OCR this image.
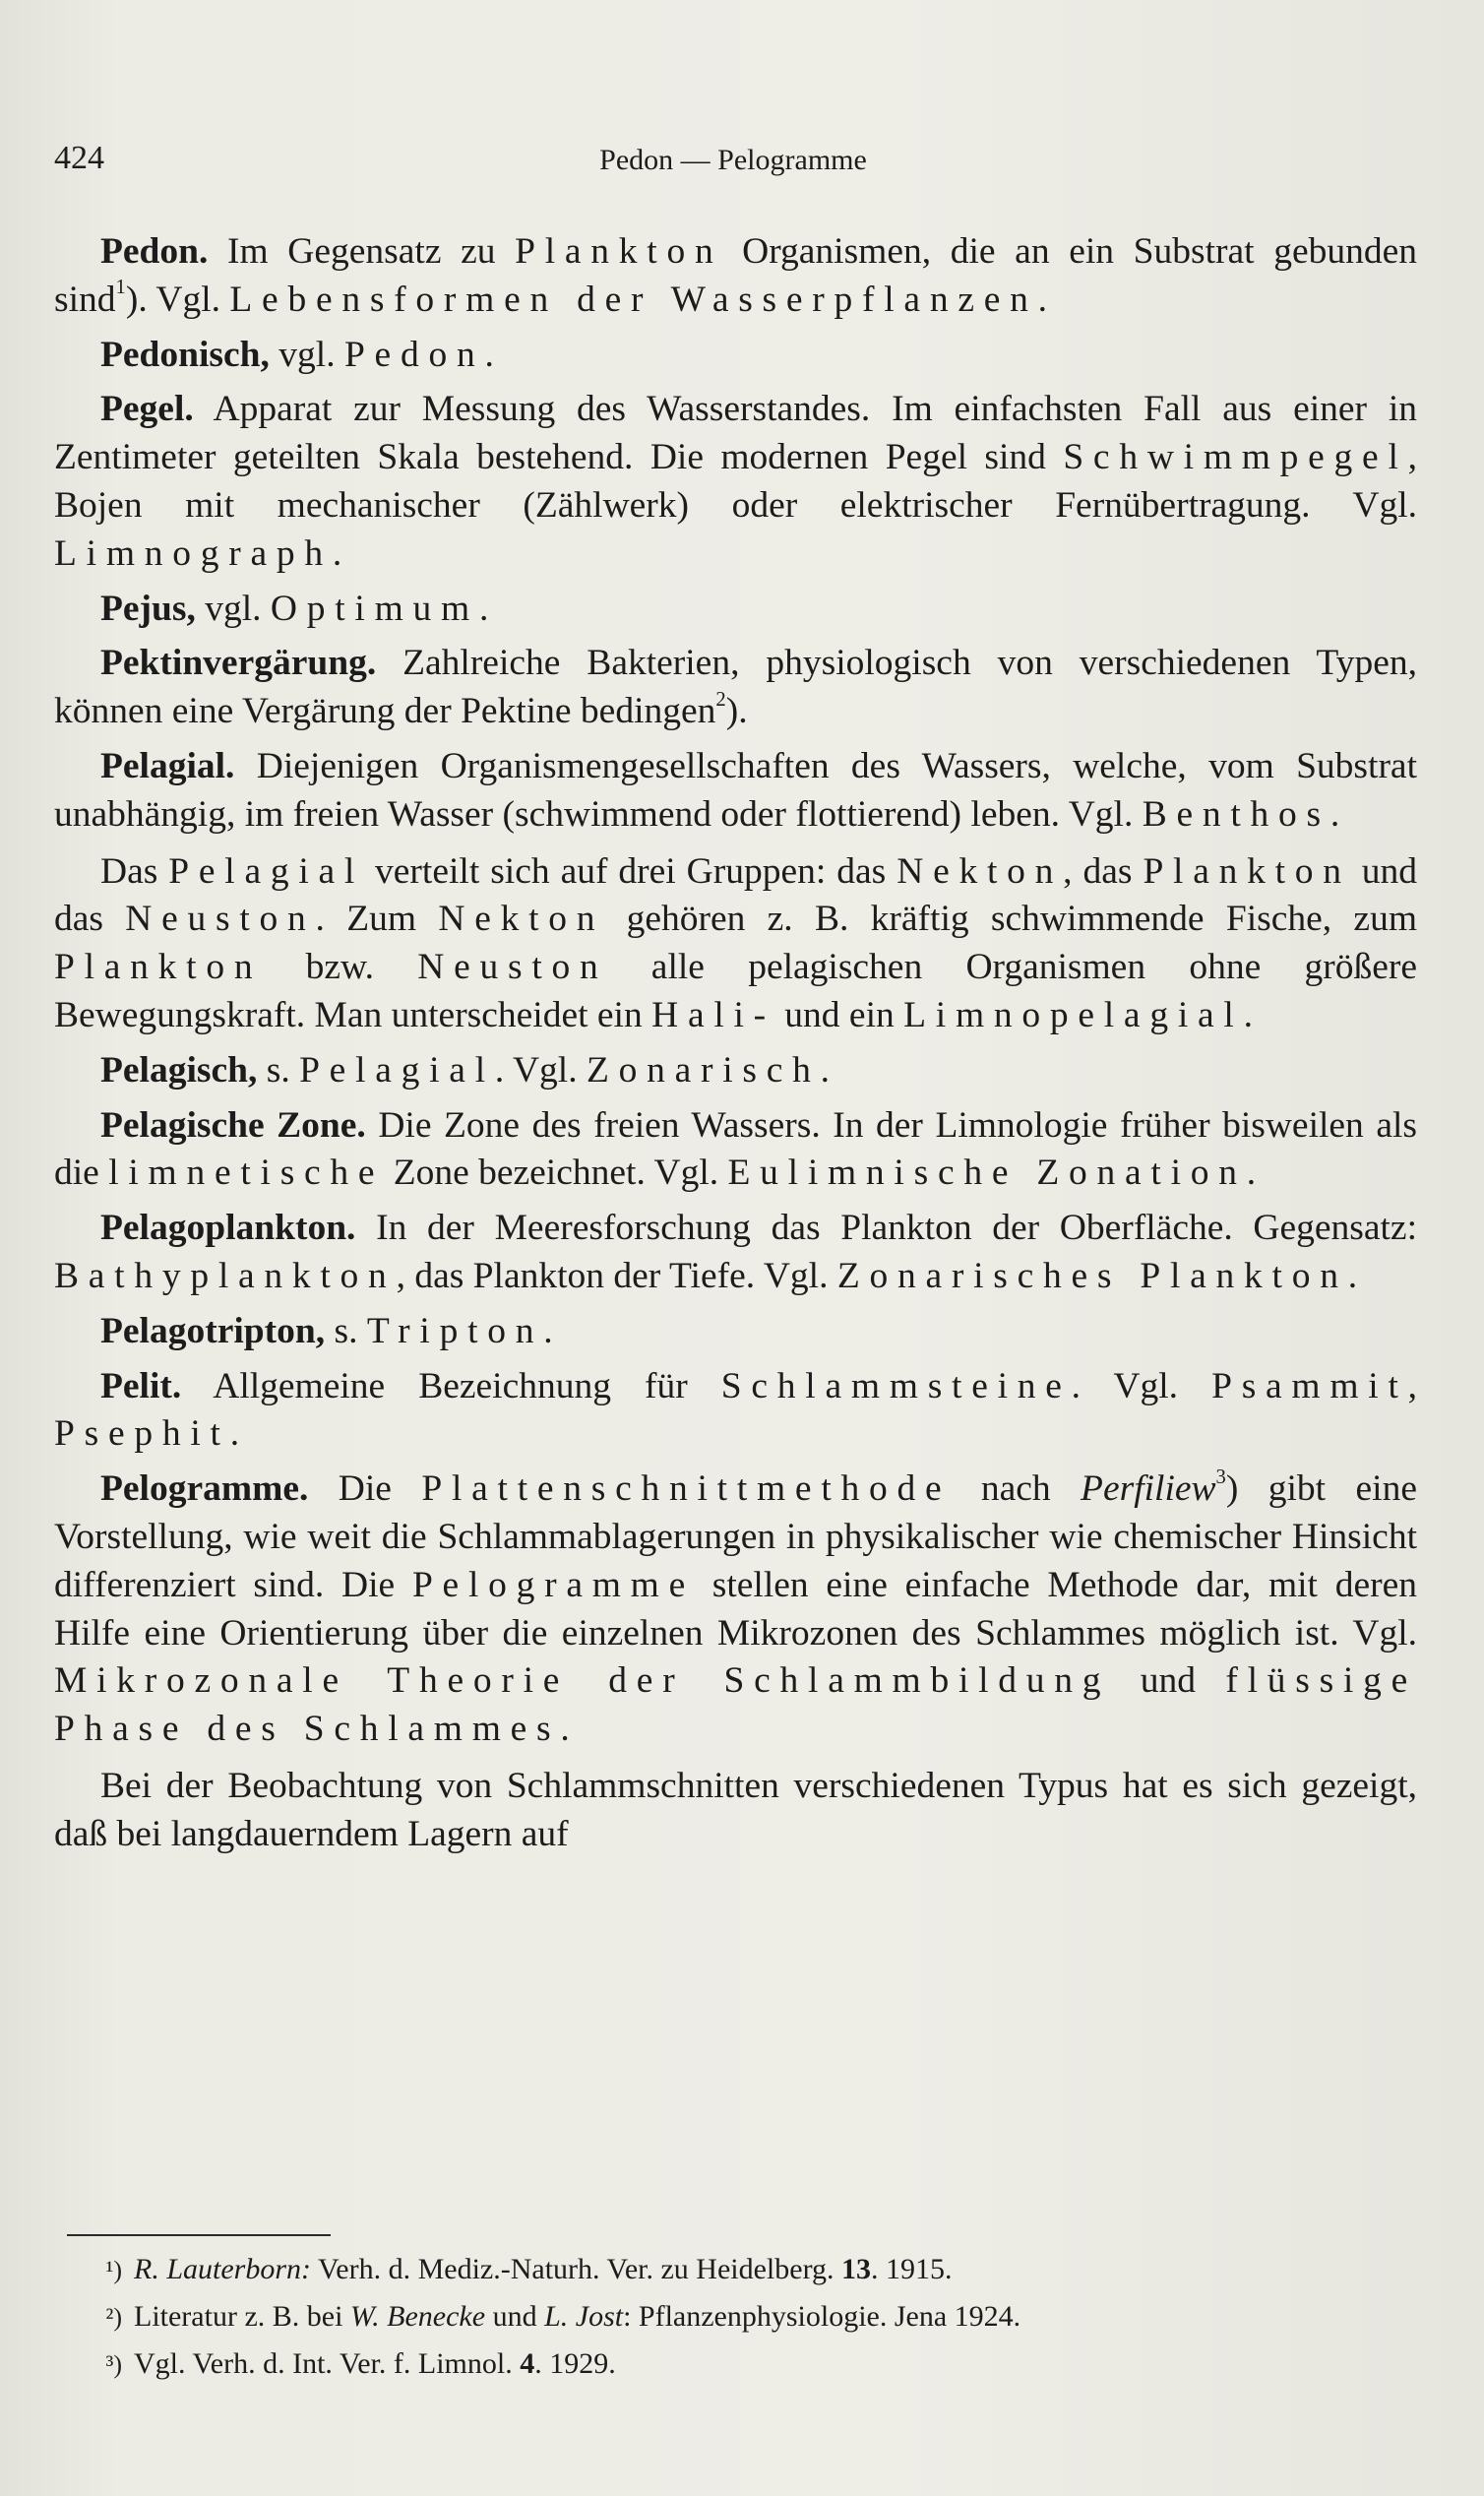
424	Pedon — Pelogramme

Pedon. Im Gegensatz zu Plankton Organismen, die an ein Substrat gebunden sind$^1$). Vgl. Lebensformen der Wasserpflanzen.

Pedonisch, vgl. Pedon.

Pegel. Apparat zur Messung des Wasserstandes. Im einfachsten Fall aus einer in Zentimeter geteilten Skala bestehend. Die modernen Pegel sind Schwimmpegel, Bojen mit mechanischer (Zählwerk) oder elektrischer Fernübertragung. Vgl. Limnograph.

Pejus, vgl. Optimum.

Pektinvergärung. Zahlreiche Bakterien, physiologisch von verschiedenen Typen, können eine Vergärung der Pektine bedingen$^2$).

Pelagial. Diejenigen Organismengesellschaften des Wassers, welche, vom Substrat unabhängig, im freien Wasser (schwimmend oder flottierend) leben. Vgl. Benthos.

Das Pelagial verteilt sich auf drei Gruppen: das Nekton, das Plankton und das Neuston. Zum Nekton gehören z. B. kräftig schwimmende Fische, zum Plankton bzw. Neuston alle pelagischen Organismen ohne größere Bewegungskraft. Man unterscheidet ein Hali- und ein Limnopelagial.

Pelagisch, s. Pelagial. Vgl. Zonarisch.

Pelagische Zone. Die Zone des freien Wassers. In der Limnologie früher bisweilen als die limnetische Zone bezeichnet. Vgl. Eulimnische Zonation.

Pelagoplankton. In der Meeresforschung das Plankton der Oberfläche. Gegensatz: Bathyplankton, das Plankton der Tiefe. Vgl. Zonarisches Plankton.

Pelagotripton, s. Tripton.

Pelit. Allgemeine Bezeichnung für Schlammsteine. Vgl. Psammit, Psephit.

Pelogramme. Die Plattenschnittmethode nach Perfiliew$^3$) gibt eine Vorstellung, wie weit die Schlammablagerungen in physikalischer wie chemischer Hinsicht differenziert sind. Die Pelogramme stellen eine einfache Methode dar, mit deren Hilfe eine Orientierung über die einzelnen Mikrozonen des Schlammes möglich ist. Vgl. Mikrozonale Theorie der Schlammbildung und flüssige Phase des Schlammes.

Bei der Beobachtung von Schlammschnitten verschiedenen Typus hat es sich gezeigt, daß bei langdauerndem Lagern auf

¹) R. Lauterborn: Verh. d. Mediz.-Naturh. Ver. zu Heidelberg. 13. 1915.
²) Literatur z. B. bei W. Benecke und L. Jost: Pflanzenphysiologie. Jena 1924.
³) Vgl. Verh. d. Int. Ver. f. Limnol. 4. 1929.
